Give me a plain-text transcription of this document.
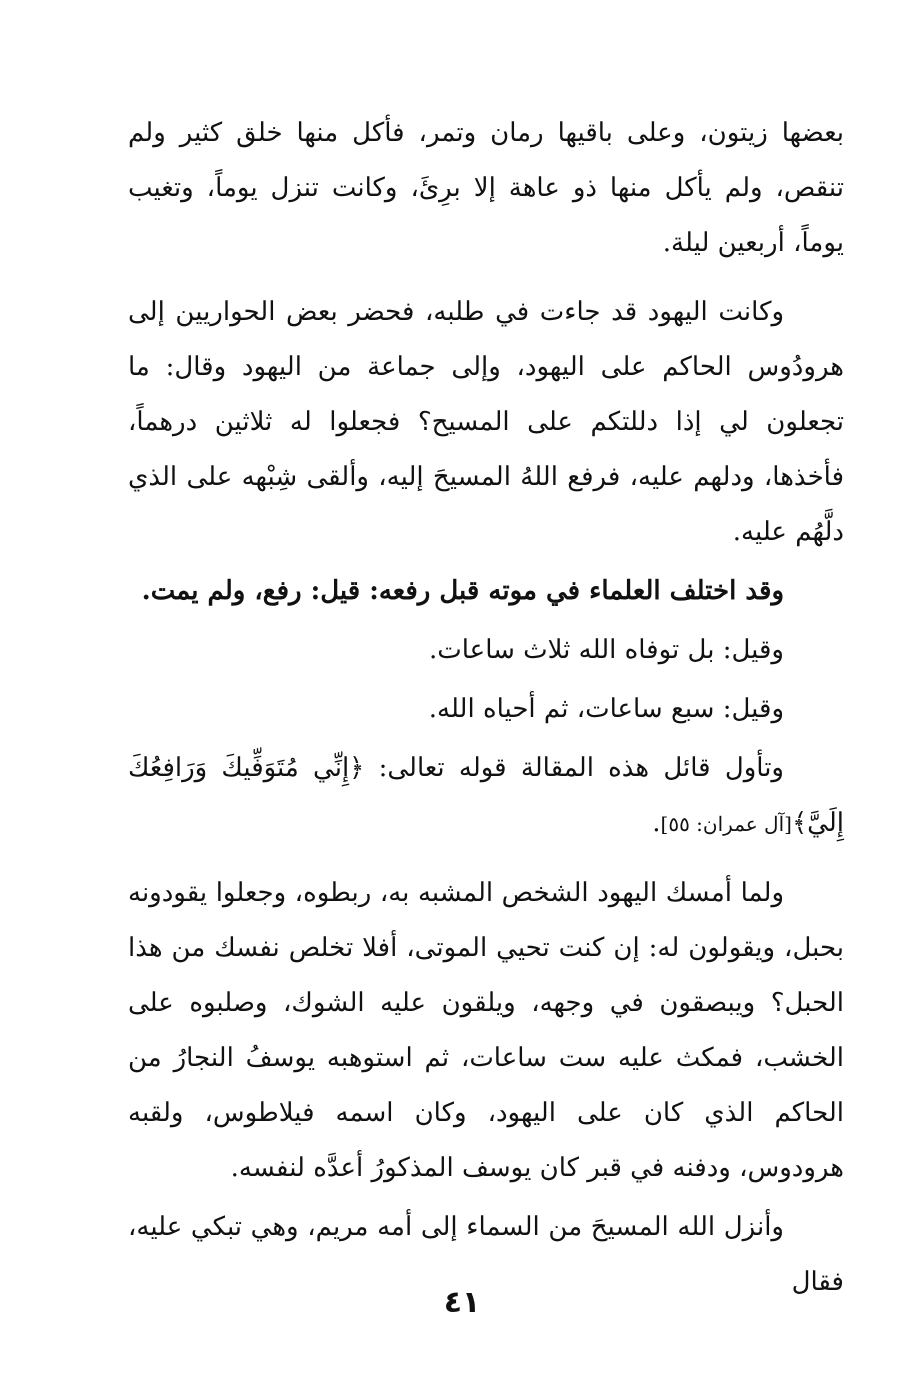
بعضها زيتون، وعلى باقيها رمان وتمر، فأكل منها خلق كثير ولم تنقص، ولم يأكل منها ذو عاهة إلا برِئَ، وكانت تنزل يوماً، وتغيب يوماً، أربعين ليلة.

وكانت اليهود قد جاءت في طلبه، فحضر بعض الحواريين إلى هرودُوس الحاكم على اليهود، وإلى جماعة من اليهود وقال: ما تجعلون لي إذا دللتكم على المسيح؟ فجعلوا له ثلاثين درهماً، فأخذها، ودلهم عليه، فرفع اللهُ المسيحَ إليه، وألقى شِبْهه على الذي دلَّهُم عليه.

وقد اختلف العلماء في موته قبل رفعه: قيل: رفع، ولم يمت.

وقيل: بل توفاه الله ثلاث ساعات.

وقيل: سبع ساعات، ثم أحياه الله.

وتأول قائل هذه المقالة قوله تعالى: ﴿إِنِّي مُتَوَفِّيكَ وَرَافِعُكَ إِلَيَّ﴾[آل عمران: ٥٥].

ولما أمسك اليهود الشخص المشبه به، ربطوه، وجعلوا يقودونه بحبل، ويقولون له: إن كنت تحيي الموتى، أفلا تخلص نفسك من هذا الحبل؟ ويبصقون في وجهه، ويلقون عليه الشوك، وصلبوه على الخشب، فمكث عليه ست ساعات، ثم استوهبه يوسفُ النجارُ من الحاكم الذي كان على اليهود، وكان اسمه فيلاطوس، ولقبه هرودوس، ودفنه في قبر كان يوسف المذكورُ أعدَّه لنفسه.

وأنزل الله المسيحَ من السماء إلى أمه مريم، وهي تبكي عليه، فقال

٤١
